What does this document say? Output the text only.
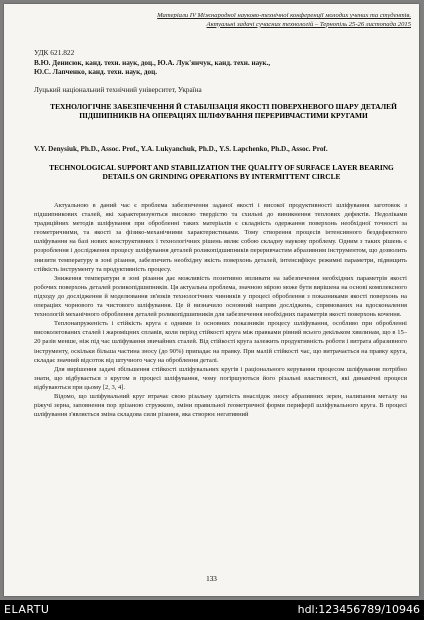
Матеріали IV Міжнародної науково-технічної конференції молодих учених та студентів.
Актуальні задачі сучасних технологій – Тернопіль 25-26 листопада 2015
УДК 621.822
В.Ю. Денисюк, канд. техн. наук, доц., Ю.А. Лук'янчук, канд. техн. наук.,
Ю.С. Лапченко, канд. техн. наук, доц.
Луцький національний технічний університет, Україна
ТЕХНОЛОГІЧНЕ ЗАБЕЗПЕЧЕННЯ Й СТАБІЛІЗАЦІЯ ЯКОСТІ ПОВЕРХНЕВОГО ШАРУ ДЕТАЛЕЙ ПІДШИПНИКІВ НА ОПЕРАЦІЯХ ШЛІФУВАННЯ ПЕРЕРИВЧАСТИМИ КРУГАМИ
V.Y. Denysiuk, Ph.D., Assoc. Prof., Y.A. Lukyanchuk, Ph.D., Y.S. Lapchenko, Ph.D., Assoc. Prof.
TECHNOLOGICAL SUPPORT AND STABILIZATION THE QUALITY OF SURFACE LAYER BEARING DETAILS ON GRINDING OPERATIONS BY INTERMITTENT CIRCLE

Актуальною в даний час є проблема забезпечення заданої якості і високої продуктивності шліфування заготовок з підшипникових сталей, які характеризуються високою твердістю та схильні до виникнення теплових дефектів. Недоліками традиційних методів шліфування при обробленні таких матеріалів є складність одержання поверхонь необхідної точності за геометричними, та якості за фізико-механічними характеристиками. Тому створення процесів інтенсивного бездефектного шліфування на базі нових конструктивних і технологічних рішень являє собою складну наукову проблему. Одним з таких рішень є розроблення і дослідження процесу шліфування деталей роликопідшипників переривчастим абразивним інструментом, що дозволить знизити температуру в зоні різання, забезпечить необхідну якість поверхонь деталей, інтенсифікує режимні параметри, підвищить стійкість інструменту та продуктивність процесу.

Зниження температури в зоні різання дає можливість позитивно впливати на забезпечення необхідних параметрів якості робочих поверхонь деталей роликопідшипників. Ця актуальна проблема, значною мірою може бути вирішена на основі комплексного підходу до дослідження й моделювання зв'язків технологічних чинників у процесі оброблення з показниками якості поверхонь на операціях чорнового та чистового шліфування. Це й визначило основний напрям досліджень, спрямованих на вдосконалення технологій механічного оброблення деталей роликопідшипників для забезпечення необхідних параметрів якості поверхонь кочення.

Теплонапруженість і стійкість круга є одними із основних показників процесу шліфування, особливо при обробленні високолегованих сталей і жароміцних сплавів, коли період стійкості круга між правками рівний всього декільком хвилинам, що в 15–20 разів менше, ніж під час шліфування звичайних сталей. Від стійкості круга залежить продуктивність роботи і витрата абразивного інструменту, оскільки більша частина зносу (до 90%) припадає на правку. При малій стійкості час, що витрачається на правку круга, складає значний відсоток від штучного часу на оброблення деталі.

Для вирішення задачі збільшення стійкості шліфувальних кругів і раціонального керування процесом шліфування потрібно знати, що відбувається з кругом в процесі шліфування, чому погіршуються його різальні властивості, які динамічні процеси відбуваються при цьому [2, 3, 4].

Відомо, що шліфувальний круг втрачає свою різальну здатність внаслідок зносу абразивних зерен, налипання металу на ріжучі зерна, заповнення пор зрізаною стружкою, зміни правильної геометричної форми периферії шліфувального круга. В процесі шліфування з'являється зміна складова сили різання, яка створює негативний

133
ELARTU	hdl:123456789/10946
